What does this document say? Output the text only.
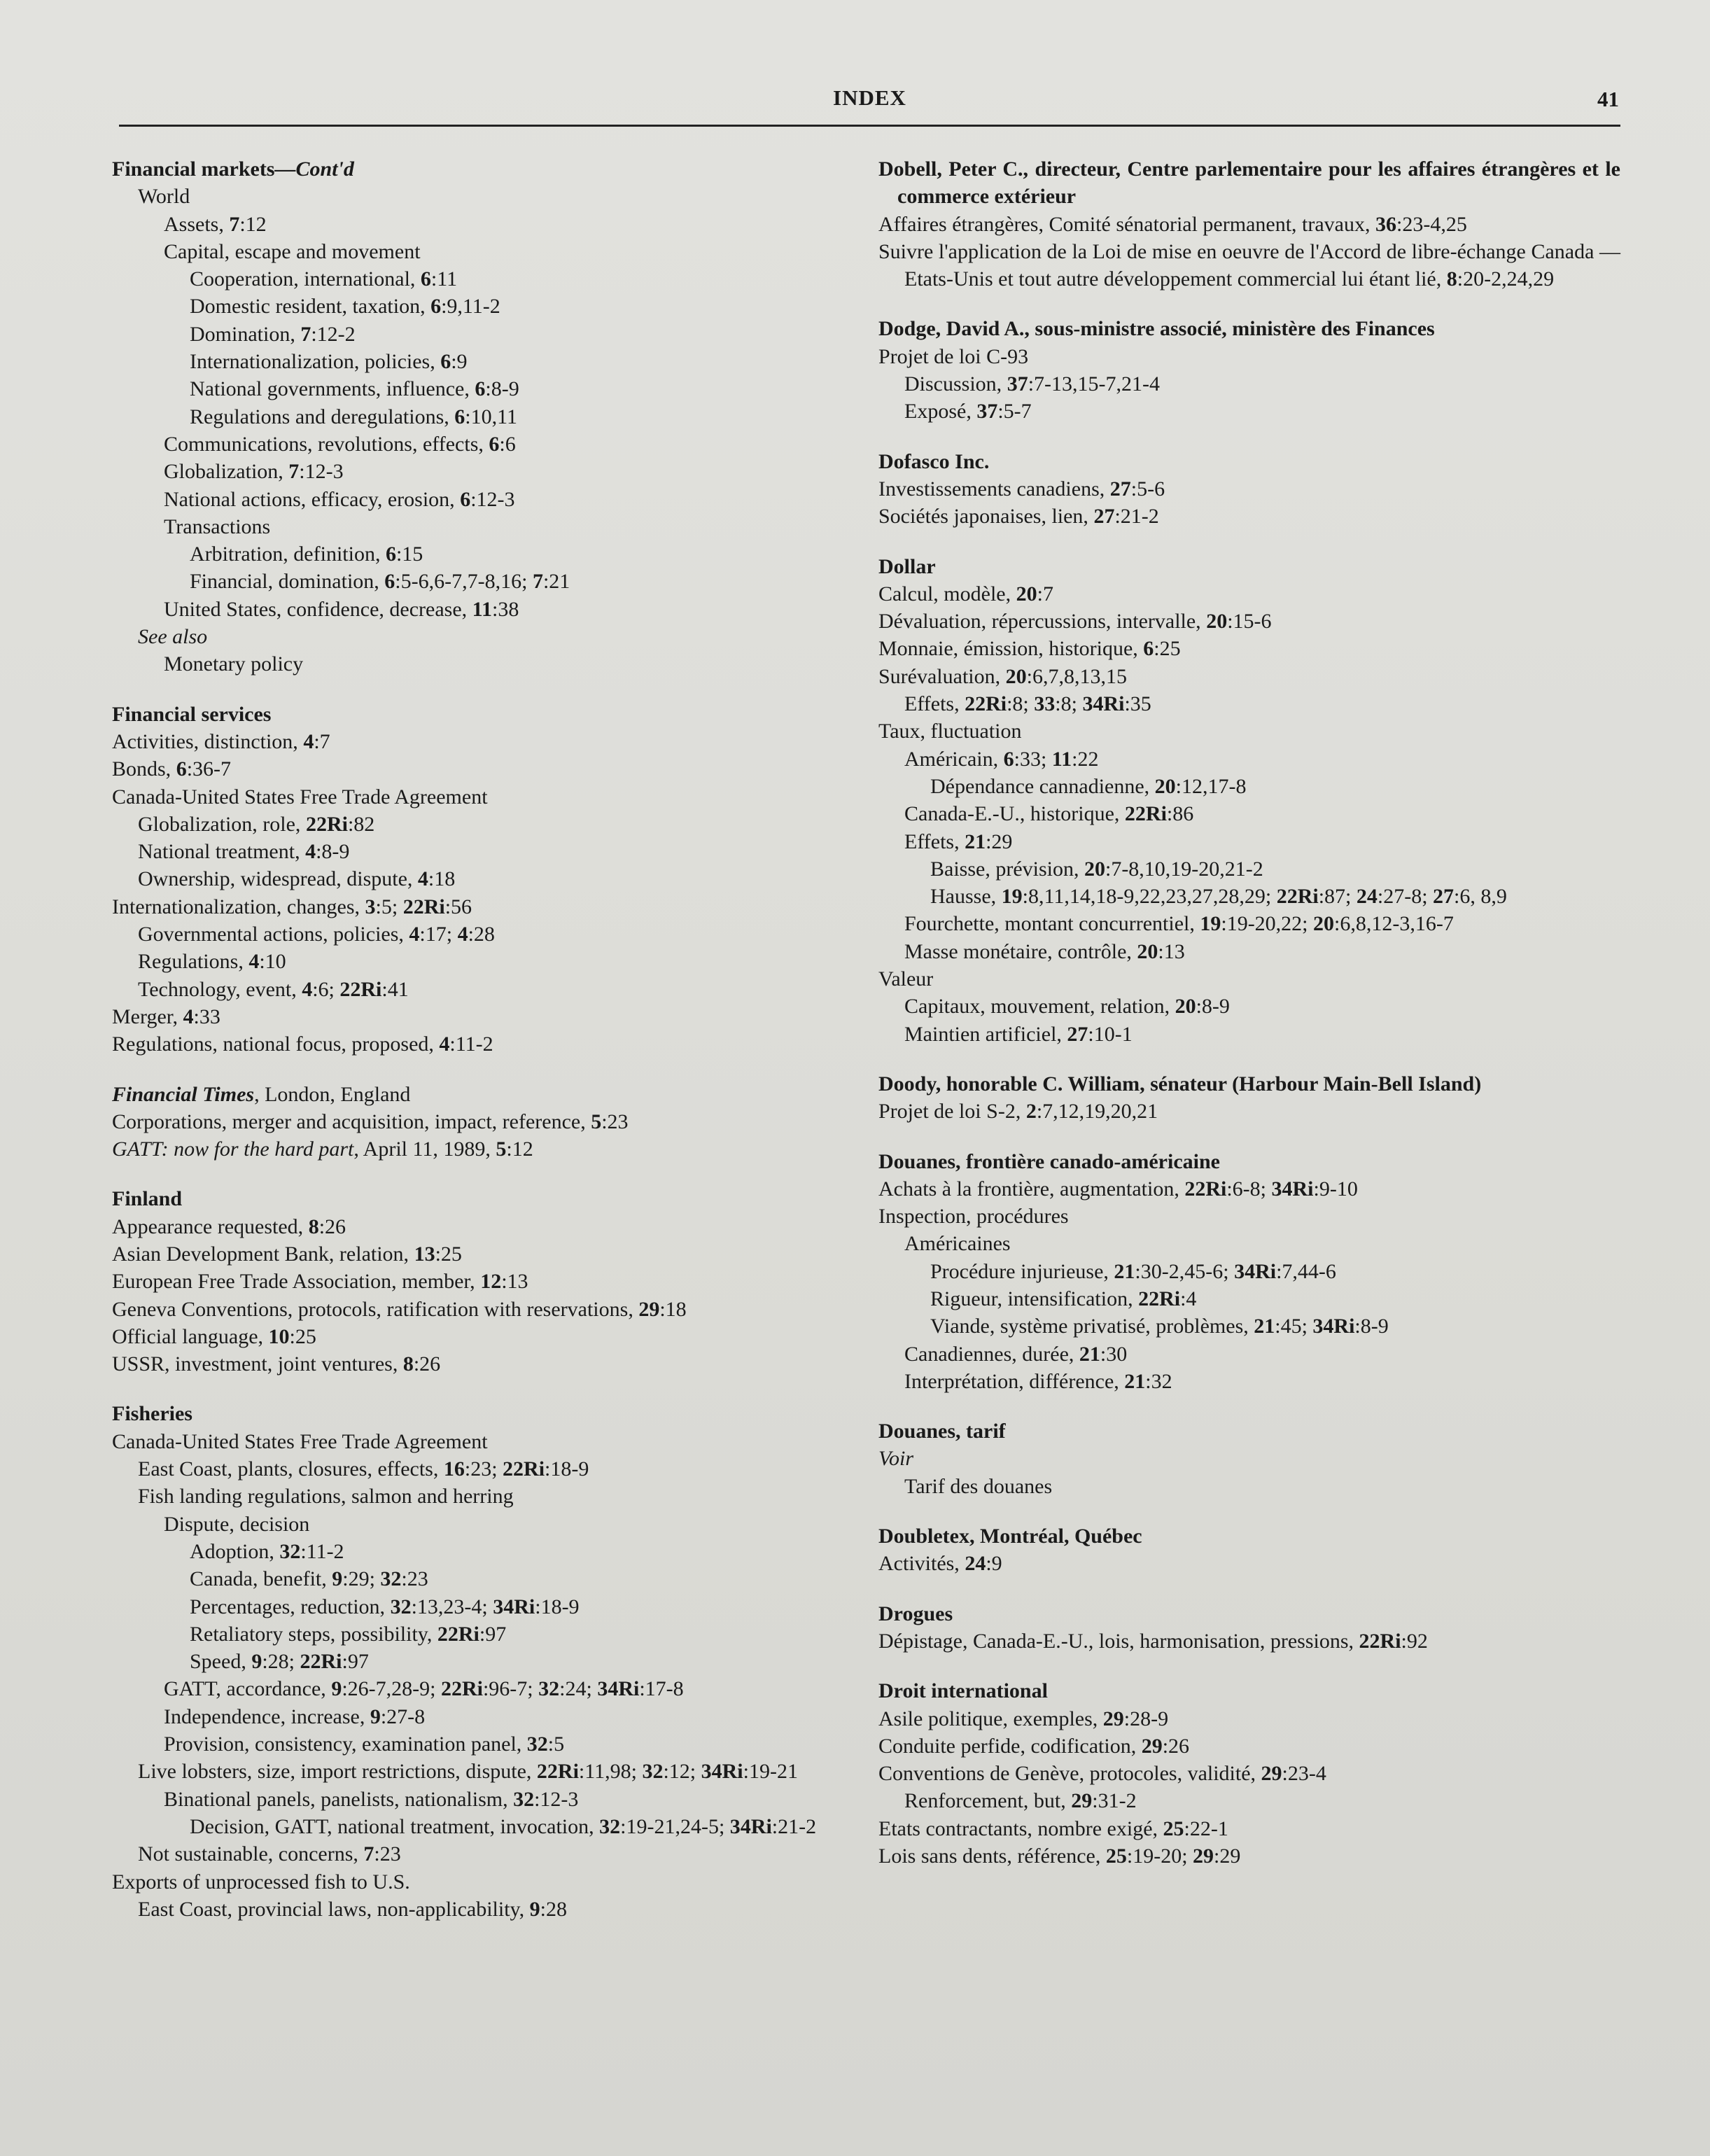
INDEX	41
Financial markets—Cont'd
World
Assets, 7:12
Capital, escape and movement
Cooperation, international, 6:11
Domestic resident, taxation, 6:9,11-2
Domination, 7:12-2
Internationalization, policies, 6:9
National governments, influence, 6:8-9
Regulations and deregulations, 6:10,11
Communications, revolutions, effects, 6:6
Globalization, 7:12-3
National actions, efficacy, erosion, 6:12-3
Transactions
Arbitration, definition, 6:15
Financial, domination, 6:5-6,6-7,7-8,16; 7:21
United States, confidence, decrease, 11:38
See also
Monetary policy
Financial services
Activities, distinction, 4:7
Bonds, 6:36-7
Canada-United States Free Trade Agreement
Globalization, role, 22Ri:82
National treatment, 4:8-9
Ownership, widespread, dispute, 4:18
Internationalization, changes, 3:5; 22Ri:56
Governmental actions, policies, 4:17; 4:28
Regulations, 4:10
Technology, event, 4:6; 22Ri:41
Merger, 4:33
Regulations, national focus, proposed, 4:11-2
Financial Times, London, England
Corporations, merger and acquisition, impact, reference, 5:23
GATT: now for the hard part, April 11, 1989, 5:12
Finland
Appearance requested, 8:26
Asian Development Bank, relation, 13:25
European Free Trade Association, member, 12:13
Geneva Conventions, protocols, ratification with reservations, 29:18
Official language, 10:25
USSR, investment, joint ventures, 8:26
Fisheries
Canada-United States Free Trade Agreement
East Coast, plants, closures, effects, 16:23; 22Ri:18-9
Fish landing regulations, salmon and herring
Dispute, decision
Adoption, 32:11-2
Canada, benefit, 9:29; 32:23
Percentages, reduction, 32:13,23-4; 34Ri:18-9
Retaliatory steps, possibility, 22Ri:97
Speed, 9:28; 22Ri:97
GATT, accordance, 9:26-7,28-9; 22Ri:96-7; 32:24; 34Ri:17-8
Independence, increase, 9:27-8
Provision, consistency, examination panel, 32:5
Live lobsters, size, import restrictions, dispute, 22Ri:11,98; 32:12; 34Ri:19-21
Binational panels, panelists, nationalism, 32:12-3
Decision, GATT, national treatment, invocation, 32:19-21,24-5; 34Ri:21-2
Not sustainable, concerns, 7:23
Exports of unprocessed fish to U.S.
East Coast, provincial laws, non-applicability, 9:28
Dobell, Peter C., directeur, Centre parlementaire pour les affaires étrangères et le commerce extérieur
Affaires étrangères, Comité sénatorial permanent, travaux, 36:23-4,25
Suivre l'application de la Loi de mise en oeuvre de l'Accord de libre-échange Canada — Etats-Unis et tout autre développement commercial lui étant lié, 8:20-2,24,29
Dodge, David A., sous-ministre associé, ministère des Finances
Projet de loi C-93
Discussion, 37:7-13,15-7,21-4
Exposé, 37:5-7
Dofasco Inc.
Investissements canadiens, 27:5-6
Sociétés japonaises, lien, 27:21-2
Dollar
Calcul, modèle, 20:7
Dévaluation, répercussions, intervalle, 20:15-6
Monnaie, émission, historique, 6:25
Surévaluation, 20:6,7,8,13,15
Effets, 22Ri:8; 33:8; 34Ri:35
Taux, fluctuation
Américain, 6:33; 11:22
Dépendance cannadienne, 20:12,17-8
Canada-E.-U., historique, 22Ri:86
Effets, 21:29
Baisse, prévision, 20:7-8,10,19-20,21-2
Hausse, 19:8,11,14,18-9,22,23,27,28,29; 22Ri:87; 24:27-8; 27:6, 8,9
Fourchette, montant concurrentiel, 19:19-20,22; 20:6,8,12-3,16-7
Masse monétaire, contrôle, 20:13
Valeur
Capitaux, mouvement, relation, 20:8-9
Maintien artificiel, 27:10-1
Doody, honorable C. William, sénateur (Harbour Main-Bell Island)
Projet de loi S-2, 2:7,12,19,20,21
Douanes, frontière canado-américaine
Achats à la frontière, augmentation, 22Ri:6-8; 34Ri:9-10
Inspection, procédures
Américaines
Procédure injurieuse, 21:30-2,45-6; 34Ri:7,44-6
Rigueur, intensification, 22Ri:4
Viande, système privatisé, problèmes, 21:45; 34Ri:8-9
Canadiennes, durée, 21:30
Interprétation, différence, 21:32
Douanes, tarif
Voir
Tarif des douanes
Doubletex, Montréal, Québec
Activités, 24:9
Drogues
Dépistage, Canada-E.-U., lois, harmonisation, pressions, 22Ri:92
Droit international
Asile politique, exemples, 29:28-9
Conduite perfide, codification, 29:26
Conventions de Genève, protocoles, validité, 29:23-4
Renforcement, but, 29:31-2
Etats contractants, nombre exigé, 25:22-1
Lois sans dents, référence, 25:19-20; 29:29
